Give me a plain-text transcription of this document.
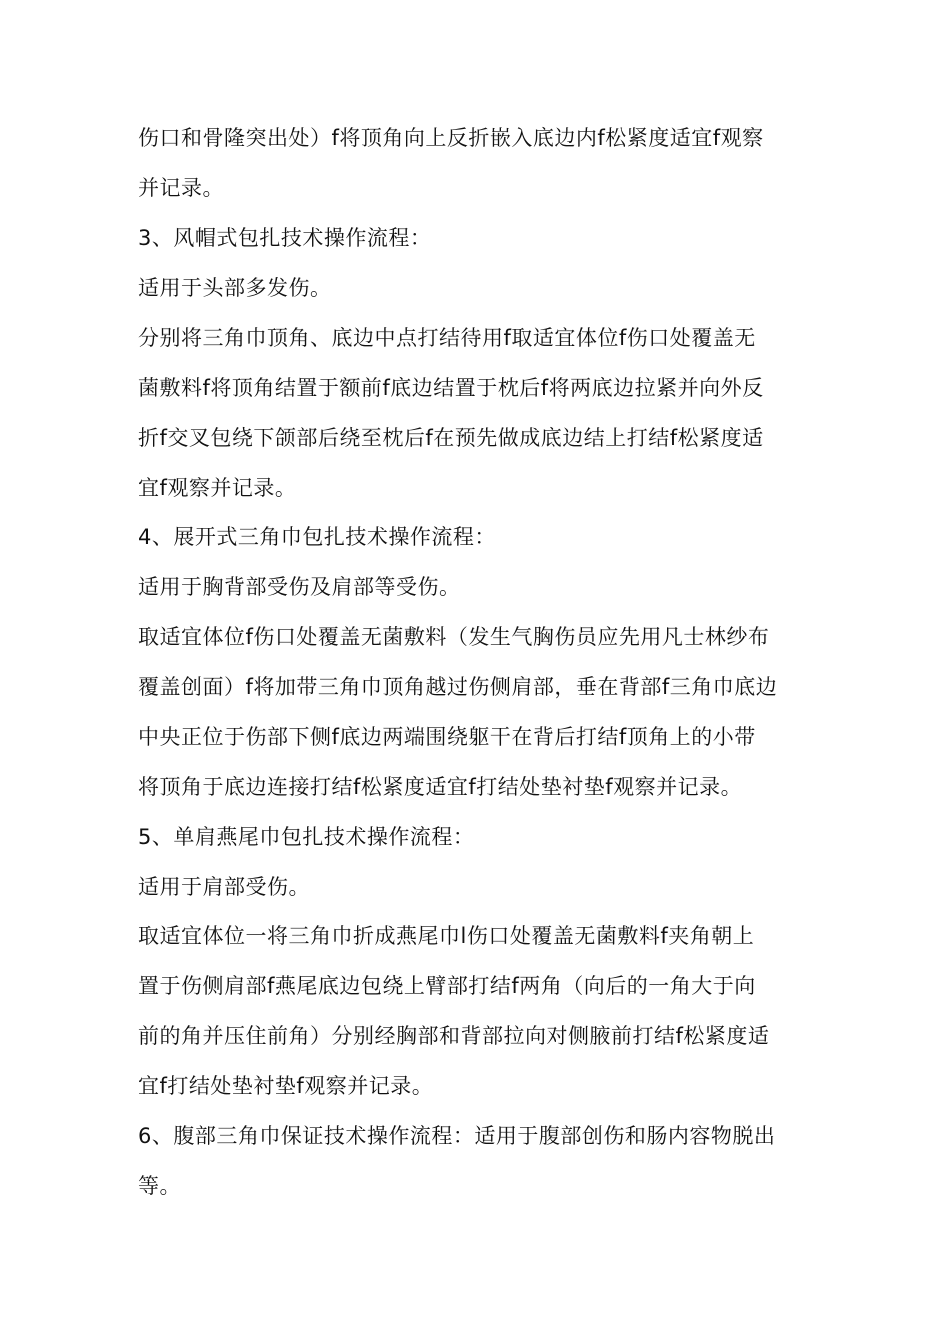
伤口和骨隆突出处）f将顶角向上反折嵌入底边内f松紧度适宜f观察

并记录。

3、风帽式包扎技术操作流程：

适用于头部多发伤。

分别将三角巾顶角、底边中点打结待用f取适宜体位f伤口处覆盖无

菌敷料f将顶角结置于额前f底边结置于枕后f将两底边拉紧并向外反

折f交叉包绕下颌部后绕至枕后f在预先做成底边结上打结f松紧度适

宜f观察并记录。

4、展开式三角巾包扎技术操作流程：

适用于胸背部受伤及肩部等受伤。

取适宜体位f伤口处覆盖无菌敷料（发生气胸伤员应先用凡士林纱布

覆盖创面）f将加带三角巾顶角越过伤侧肩部，垂在背部f三角巾底边

中央正位于伤部下侧f底边两端围绕躯干在背后打结f顶角上的小带

将顶角于底边连接打结f松紧度适宜f打结处垫衬垫f观察并记录。

5、单肩燕尾巾包扎技术操作流程：

适用于肩部受伤。

取适宜体位一将三角巾折成燕尾巾l伤口处覆盖无菌敷料f夹角朝上

置于伤侧肩部f燕尾底边包绕上臂部打结f两角（向后的一角大于向

前的角并压住前角）分别经胸部和背部拉向对侧腋前打结f松紧度适

宜f打结处垫衬垫f观察并记录。

6、腹部三角巾保证技术操作流程：适用于腹部创伤和肠内容物脱出

等。
